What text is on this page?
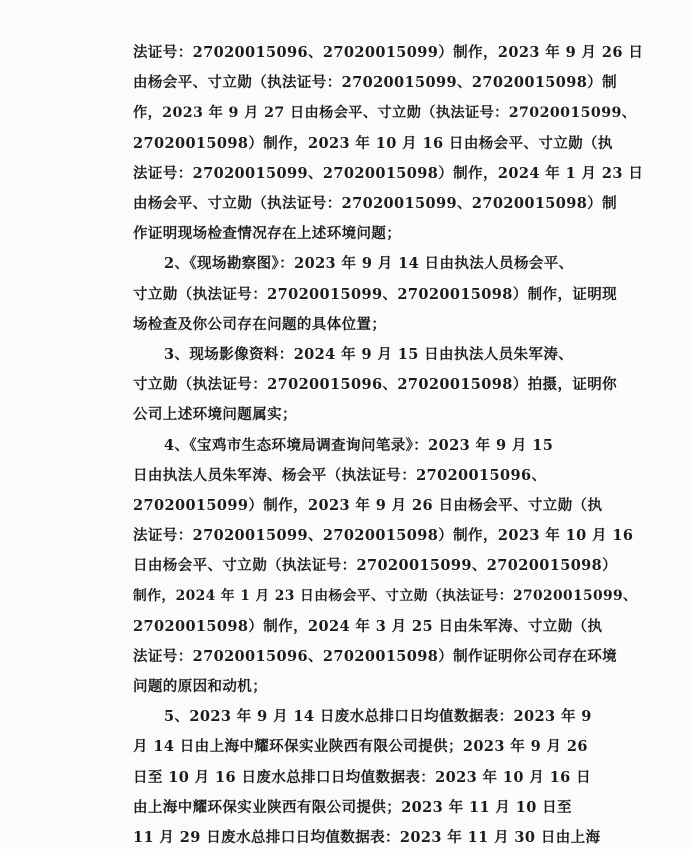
法证号：27020015096、27020015099）制作，2023 年 9 月 26 日
由杨会平、寸立勋（执法证号：27020015099、27020015098）制
作，2023 年 9 月 27 日由杨会平、寸立勋（执法证号：27020015099、
27020015098）制作，2023 年 10 月 16 日由杨会平、寸立勋（执
法证号：27020015099、27020015098）制作，2024 年 1 月 23 日
由杨会平、寸立勋（执法证号：27020015099、27020015098）制
作证明现场检查情况存在上述环境问题；
2、《现场勘察图》：2023 年 9 月 14 日由执法人员杨会平、
寸立勋（执法证号：27020015099、27020015098）制作，证明现
场检查及你公司存在问题的具体位置；
3、现场影像资料：2024 年 9 月 15 日由执法人员朱军涛、
寸立勋（执法证号：27020015096、27020015098）拍摄，证明你
公司上述环境问题属实；
4、《宝鸡市生态环境局调查询问笔录》：2023 年 9 月 15
日由执法人员朱军涛、杨会平（执法证号：27020015096、
27020015099）制作，2023 年 9 月 26 日由杨会平、寸立勋（执
法证号：27020015099、27020015098）制作，2023 年 10 月 16
日由杨会平、寸立勋（执法证号：27020015099、27020015098）
制作，2024 年 1 月 23 日由杨会平、寸立勋（执法证号：27020015099、
27020015098）制作，2024 年 3 月 25 日由朱军涛、寸立勋（执
法证号：27020015096、27020015098）制作证明你公司存在环境
问题的原因和动机；
5、2023 年 9 月 14 日废水总排口日均值数据表：2023 年 9
月 14 日由上海中耀环保实业陕西有限公司提供；2023 年 9 月 26
日至 10 月 16 日废水总排口日均值数据表：2023 年 10 月 16 日
由上海中耀环保实业陕西有限公司提供；2023 年 11 月 10 日至
11 月 29 日废水总排口日均值数据表：2023 年 11 月 30 日由上海
